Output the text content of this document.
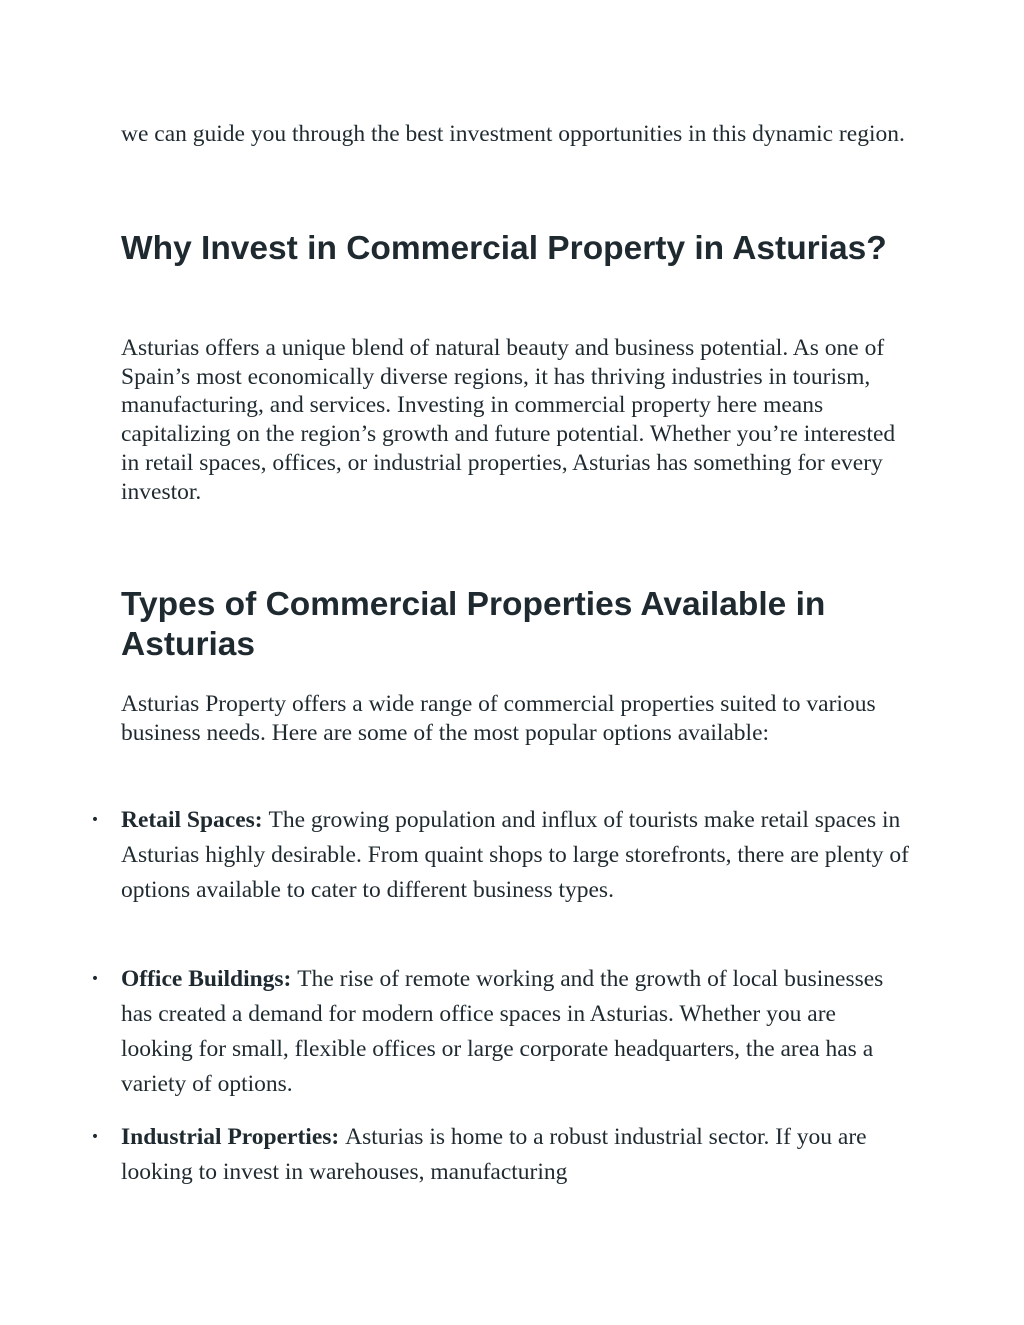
we can guide you through the best investment opportunities in this dynamic region.

Why Invest in Commercial Property in Asturias?

Asturias offers a unique blend of natural beauty and business potential. As one of Spain’s most economically diverse regions, it has thriving industries in tourism, manufacturing, and services. Investing in commercial property here means capitalizing on the region’s growth and future potential. Whether you’re interested in retail spaces, offices, or industrial properties, Asturias has something for every investor.

Types of Commercial Properties Available in Asturias

Asturias Property offers a wide range of commercial properties suited to various business needs. Here are some of the most popular options available:

• Retail Spaces: The growing population and influx of tourists make retail spaces in Asturias highly desirable. From quaint shops to large storefronts, there are plenty of options available to cater to different business types.
• Office Buildings: The rise of remote working and the growth of local businesses has created a demand for modern office spaces in Asturias. Whether you are looking for small, flexible offices or large corporate headquarters, the area has a variety of options.
• Industrial Properties: Asturias is home to a robust industrial sector. If you are looking to invest in warehouses, manufacturing
